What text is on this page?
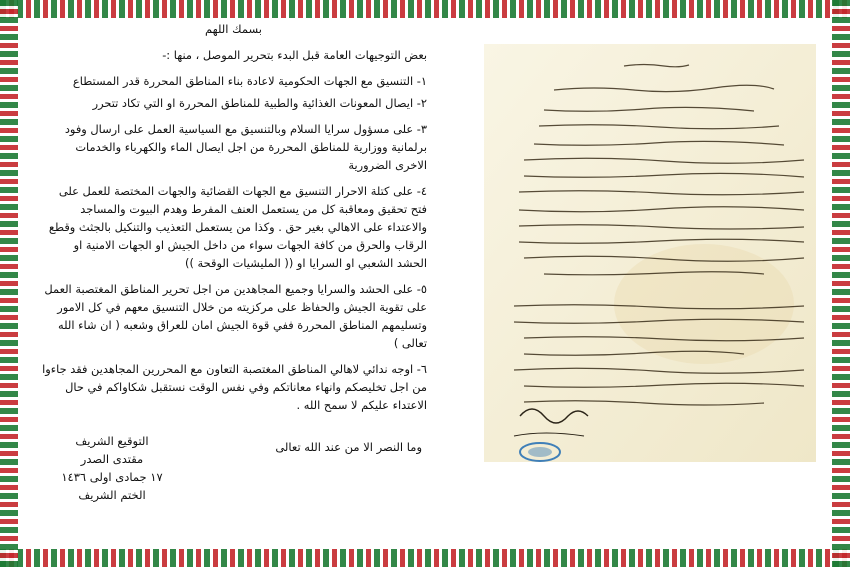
بسمك اللهم
بعض التوجيهات العامة قبل البدء بتحرير الموصل ، منها :-
١- التنسيق مع الجهات الحكومية لاعادة بناء المناطق المحررة قدر المستطاع
٢- ايصال المعونات الغذائية والطبية للمناطق المحررة او التي تكاد تتحرر
٣- على مسؤول سرايا السلام وبالتنسيق مع السياسية العمل على ارسال وفود برلمانية ووزارية للمناطق المحررة من اجل ايصال الماء والكهرباء والخدمات الاخرى الضرورية
٤- على كتلة الاحرار التنسيق مع الجهات القضائية والجهات المختصة للعمل على فتح تحقيق ومعاقبة كل من يستعمل العنف المفرط وهدم البيوت والمساجد والاعتداء على الاهالي بغير حق . وكذا من يستعمل التعذيب والتنكيل بالجثث وقطع الرقاب والحرق من كافة الجهات سواء من داخل الجيش او الجهات الامنية او الحشد الشعبي او السرايا او (( المليشيات الوقحة ))
٥- على الحشد والسرايا وجميع المجاهدين من اجل تحرير المناطق المغتصبة العمل على تقوية الجيش والحفاظ على مركزيته من خلال التنسيق معهم في كل الامور وتسليمهم المناطق المحررة ففي قوة الجيش امان للعراق وشعبه ( ان شاء الله تعالى )
٦- اوجه ندائي لاهالي المناطق المغتصبة التعاون مع المحررين المجاهدين فقد جاءوا من اجل تخليصكم وانهاء معاناتكم وفي نفس الوقت نستقبل شكاواكم في حال الاعتداء عليكم لا سمح الله .
وما النصر الا من عند الله تعالى
التوقيع الشريف
مقتدى الصدر
١٧ جمادى اولى ١٤٣٦
الختم الشريف
